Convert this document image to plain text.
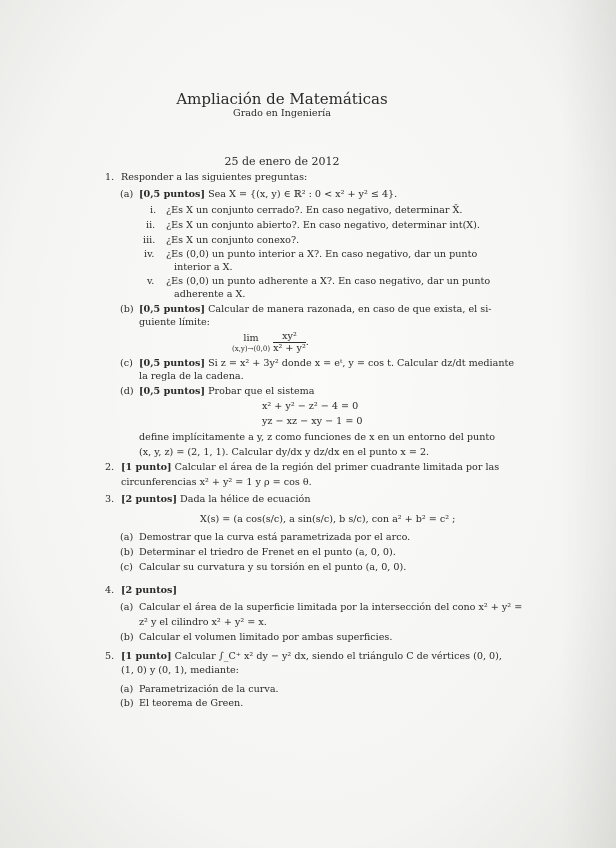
Ampliación de Matemáticas
Grado en Ingeniería
25 de enero de 2012
1. Responder a las siguientes preguntas:
(a) [0,5 puntos] Sea X = {(x, y) ∈ ℝ² : 0 < x² + y² ≤ 4}.
i. ¿Es X un conjunto cerrado?. En caso negativo, determinar X̄.
ii. ¿Es X un conjunto abierto?. En caso negativo, determinar int(X).
iii. ¿Es X un conjunto conexo?.
iv. ¿Es (0,0) un punto interior a X?. En caso negativo, dar un punto
interior a X.
v. ¿Es (0,0) un punto adherente a X?. En caso negativo, dar un punto
adherente a X.
(b) [0,5 puntos] Calcular de manera razonada, en caso de que exista, el si-
guiente límite:
lim
(x,y)→(0,0)
$\frac{\text{xy²}}{\text{x² + y²}}$ .
(c) [0,5 puntos] Si z = x² + 3y² donde x = eᵗ, y = cos t. Calcular dz/dt mediante
la regla de la cadena.
(d) [0,5 puntos] Probar que el sistema
x² + y² − z² − 4 = 0
yz − xz − xy − 1 = 0
define implícitamente a y, z como funciones de x en un entorno del punto
(x, y, z) = (2, 1, 1). Calcular dy/dx y dz/dx en el punto x = 2.
2. [1 punto] Calcular el área de la región del primer cuadrante limitada por las
circunferencias x² + y² = 1 y ρ = cos θ.
3. [2 puntos] Dada la hélice de ecuación
X(s) = (a cos(s/c), a sin(s/c), b s/c), con a² + b² = c² ;
(a) Demostrar que la curva está parametrizada por el arco.
(b) Determinar el triedro de Frenet en el punto (a, 0, 0).
(c) Calcular su curvatura y su torsión en el punto (a, 0, 0).
4. [2 puntos]
(a) Calcular el área de la superficie limitada por la intersección del cono x² + y² =
z² y el cilindro x² + y² = x.
(b) Calcular el volumen limitado por ambas superficies.
5. [1 punto] Calcular ∫_C⁺ x² dy − y² dx, siendo el triángulo C de vértices (0, 0),
(1, 0) y (0, 1), mediante:
(a) Parametrización de la curva.
(b) El teorema de Green.
